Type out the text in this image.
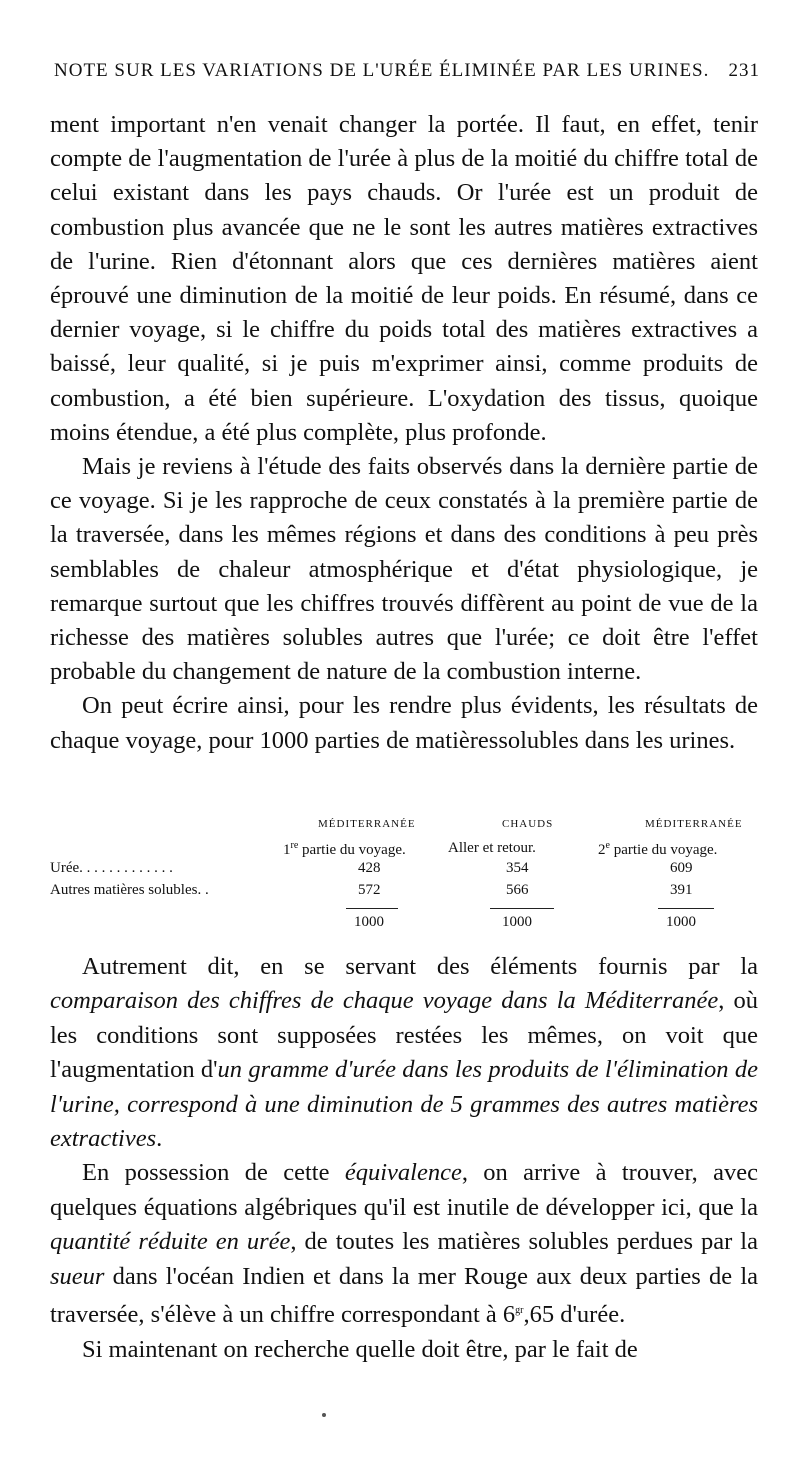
NOTE SUR LES VARIATIONS DE L'URÉE ÉLIMINÉE PAR LES URINES. 231

ment important n'en venait changer la portée. Il faut, en effet, tenir compte de l'augmentation de l'urée à plus de la moitié du chiffre total de celui existant dans les pays chauds. Or l'urée est un produit de combustion plus avancée que ne le sont les autres matières extractives de l'urine. Rien d'étonnant alors que ces dernières matières aient éprouvé une diminution de la moitié de leur poids. En résumé, dans ce dernier voyage, si le chiffre du poids total des matières extractives a baissé, leur qualité, si je puis m'exprimer ainsi, comme produits de combustion, a été bien supérieure. L'oxydation des tissus, quoique moins étendue, a été plus complète, plus profonde.

Mais je reviens à l'étude des faits observés dans la dernière partie de ce voyage. Si je les rapproche de ceux constatés à la première partie de la traversée, dans les mêmes régions et dans des conditions à peu près semblables de chaleur atmosphérique et d'état physiologique, je remarque surtout que les chiffres trouvés diffèrent au point de vue de la richesse des matières solubles autres que l'urée; ce doit être l'effet probable du changement de nature de la combustion interne.

On peut écrire ainsi, pour les rendre plus évidents, les résultats de chaque voyage, pour 1000 parties de matièressolubles dans les urines.

MÉDITERRANÉE	CHAUDS	MÉDITERRANÉE
1re partie du voyage.	Aller et retour.	2e partie du voyage.
Urée. . . . . . . . . . . . .	428	354	609
Autres matières solubles. .	572	566	391
1000	1000	1000

Autrement dit, en se servant des éléments fournis par la comparaison des chiffres de chaque voyage dans la Méditerranée, où les conditions sont supposées restées les mêmes, on voit que l'augmentation d'un gramme d'urée dans les produits de l'élimination de l'urine, correspond à une diminution de 5 grammes des autres matières extractives.

En possession de cette équivalence, on arrive à trouver, avec quelques équations algébriques qu'il est inutile de développer ici, que la quantité réduite en urée, de toutes les matières solubles perdues par la sueur dans l'océan Indien et dans la mer Rouge aux deux parties de la traversée, s'élève à un chiffre correspondant à $6^{gr},65$ d'urée.

Si maintenant on recherche quelle doit être, par le fait de
